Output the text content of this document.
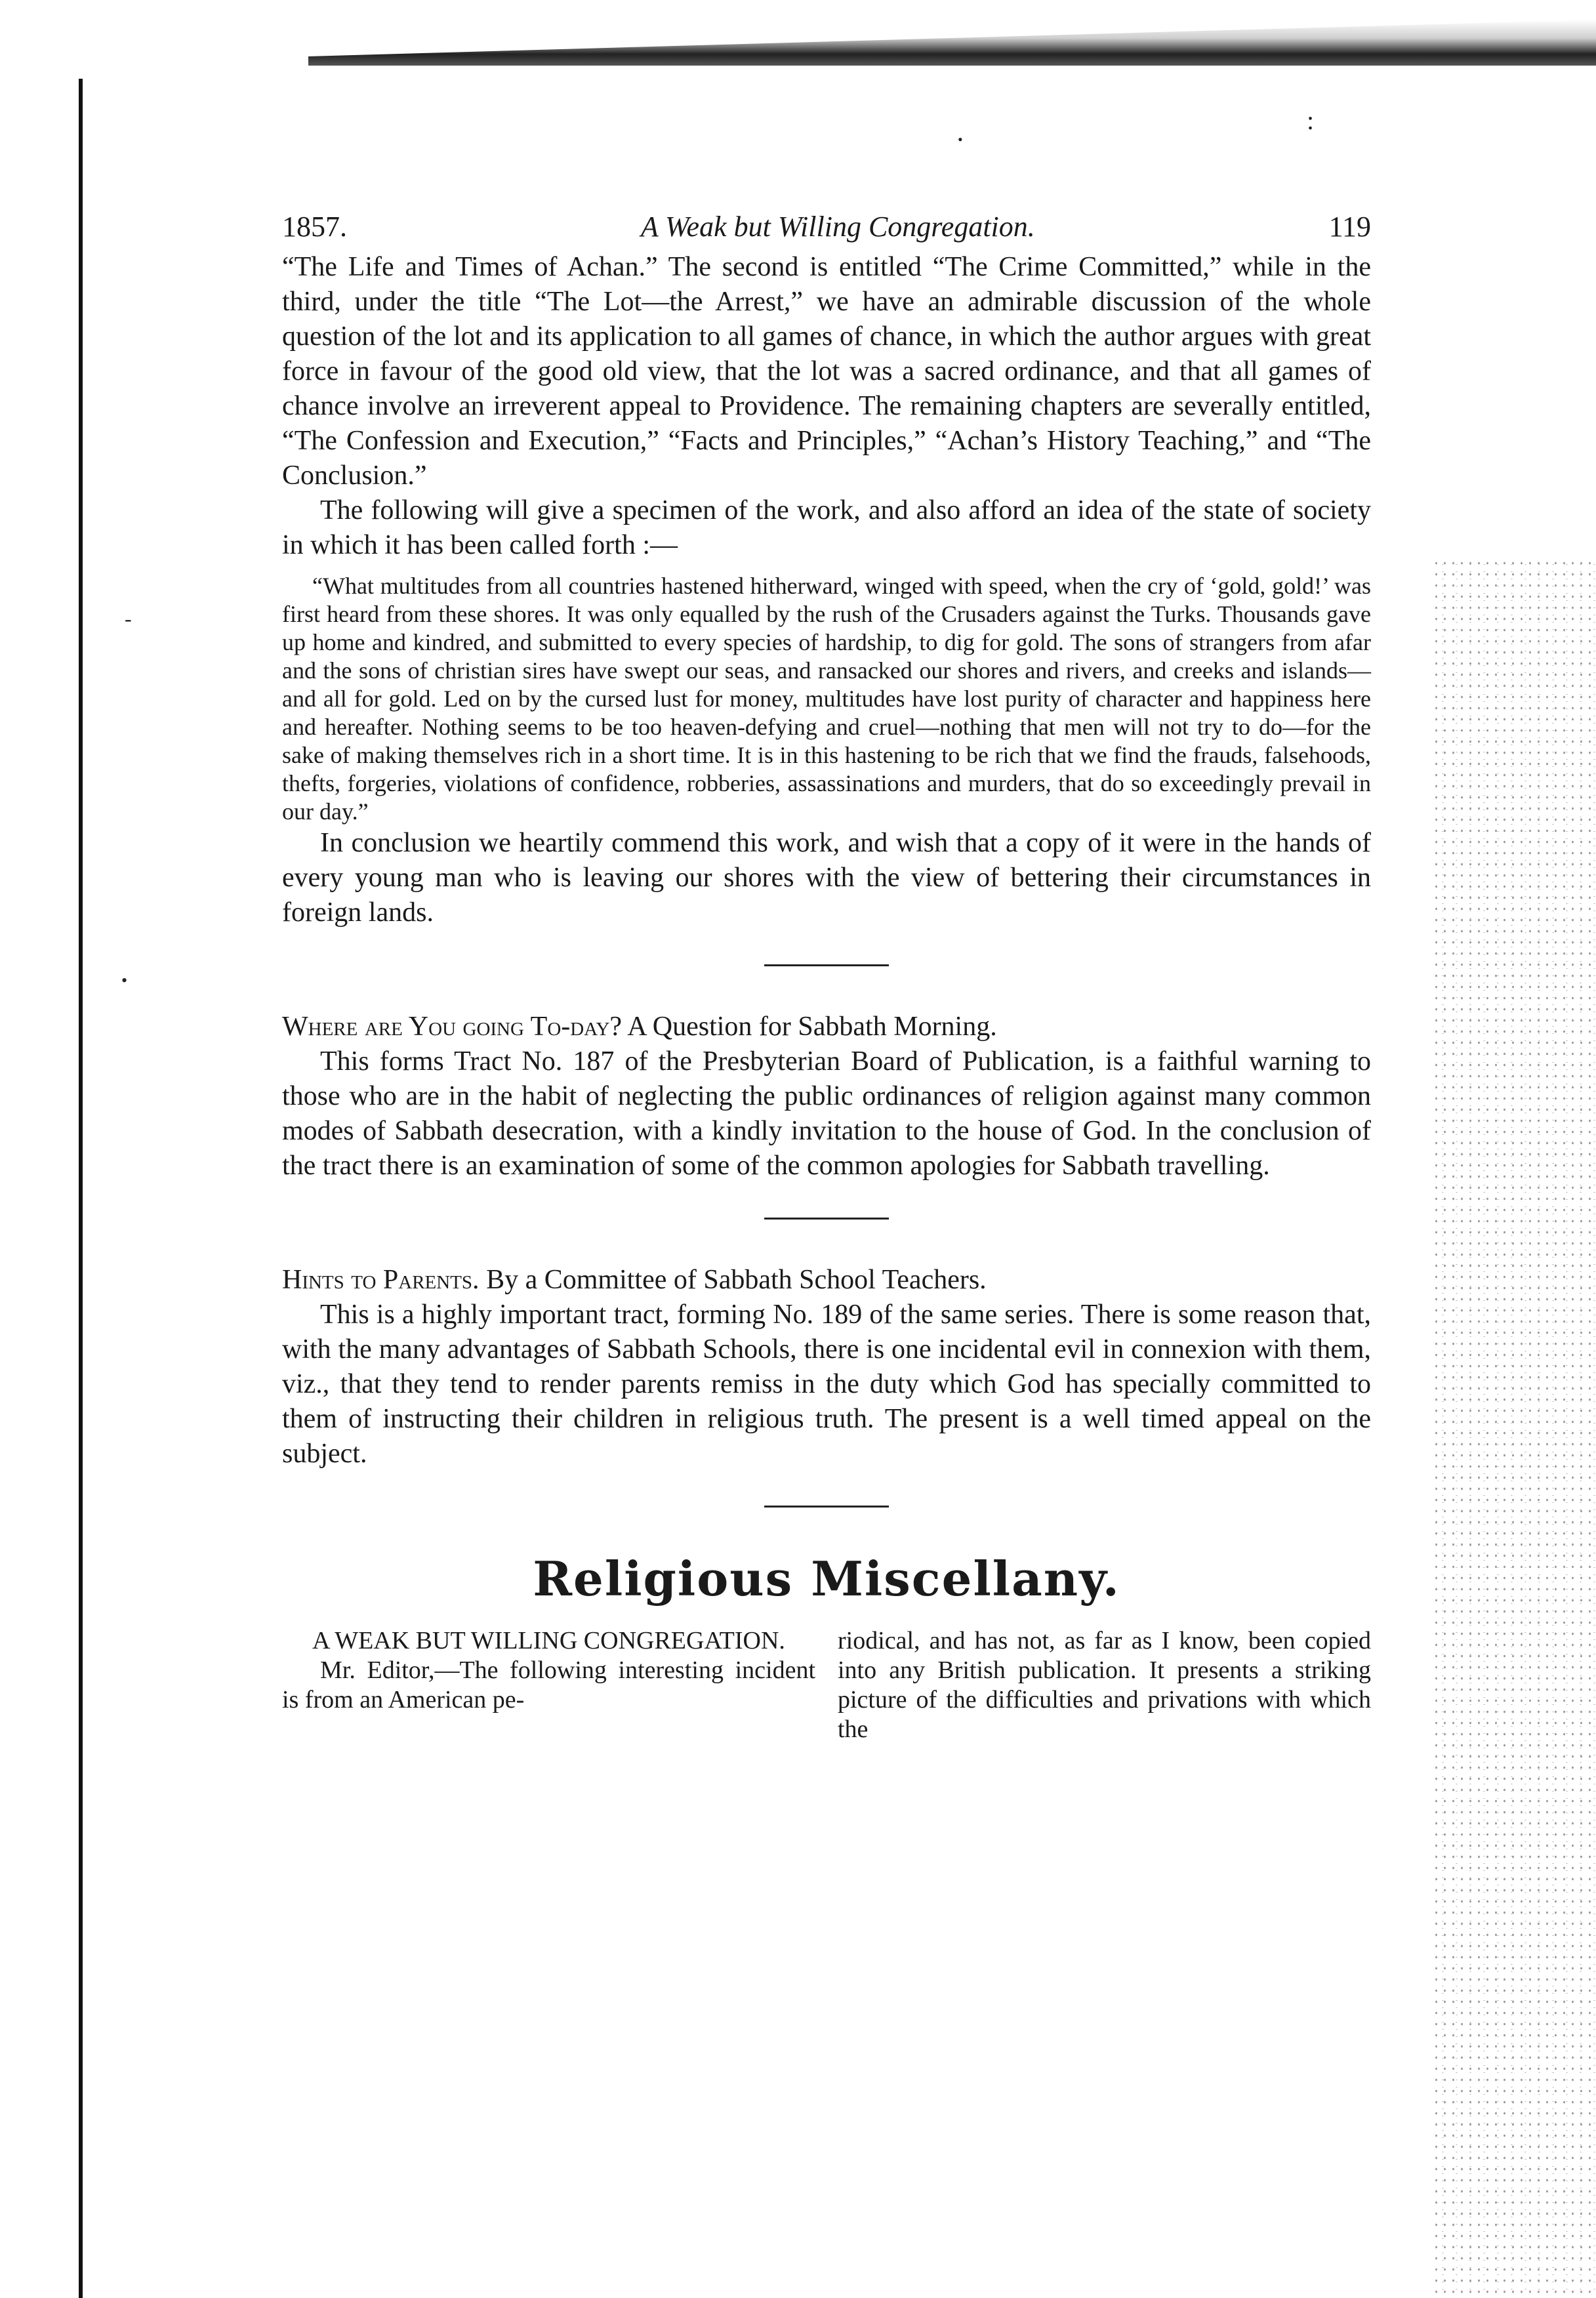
:
•
-
•
1857.	A Weak but Willing Congregation.	119

“The Life and Times of Achan.” The second is entitled “The Crime Committed,” while in the third, under the title “The Lot—the Arrest,” we have an admirable discussion of the whole question of the lot and its application to all games of chance, in which the author argues with great force in favour of the good old view, that the lot was a sacred ordinance, and that all games of chance involve an irreverent appeal to Providence. The remaining chapters are severally entitled, “The Confession and Execution,” “Facts and Principles,” “Achan’s History Teaching,” and “The Conclusion.”

The following will give a specimen of the work, and also afford an idea of the state of society in which it has been called forth :—

“What multitudes from all countries hastened hitherward, winged with speed, when the cry of ‘gold, gold!’ was first heard from these shores. It was only equalled by the rush of the Crusaders against the Turks. Thousands gave up home and kindred, and submitted to every species of hardship, to dig for gold. The sons of strangers from afar and the sons of christian sires have swept our seas, and ransacked our shores and rivers, and creeks and islands—and all for gold. Led on by the cursed lust for money, multitudes have lost purity of character and happiness here and hereafter. Nothing seems to be too heaven-defying and cruel—nothing that men will not try to do—for the sake of making themselves rich in a short time. It is in this hastening to be rich that we find the frauds, falsehoods, thefts, forgeries, violations of confidence, robberies, assassinations and murders, that do so exceedingly prevail in our day.”

In conclusion we heartily commend this work, and wish that a copy of it were in the hands of every young man who is leaving our shores with the view of bettering their circumstances in foreign lands.

Where are You going To-day? A Question for Sabbath Morning.

This forms Tract No. 187 of the Presbyterian Board of Publication, is a faithful warning to those who are in the habit of neglecting the public ordinances of religion against many common modes of Sabbath desecration, with a kindly invitation to the house of God. In the conclusion of the tract there is an examination of some of the common apologies for Sabbath travelling.

Hints to Parents. By a Committee of Sabbath School Teachers.

This is a highly important tract, forming No. 189 of the same series. There is some reason that, with the many advantages of Sabbath Schools, there is one incidental evil in connexion with them, viz., that they tend to render parents remiss in the duty which God has specially committed to them of instructing their children in religious truth. The present is a well timed appeal on the subject.

Religious Miscellany.

A WEAK BUT WILLING CONGREGATION.

Mr. Editor,—The following interesting incident is from an American pe-

riodical, and has not, as far as I know, been copied into any British publication. It presents a striking picture of the difficulties and privations with which the
